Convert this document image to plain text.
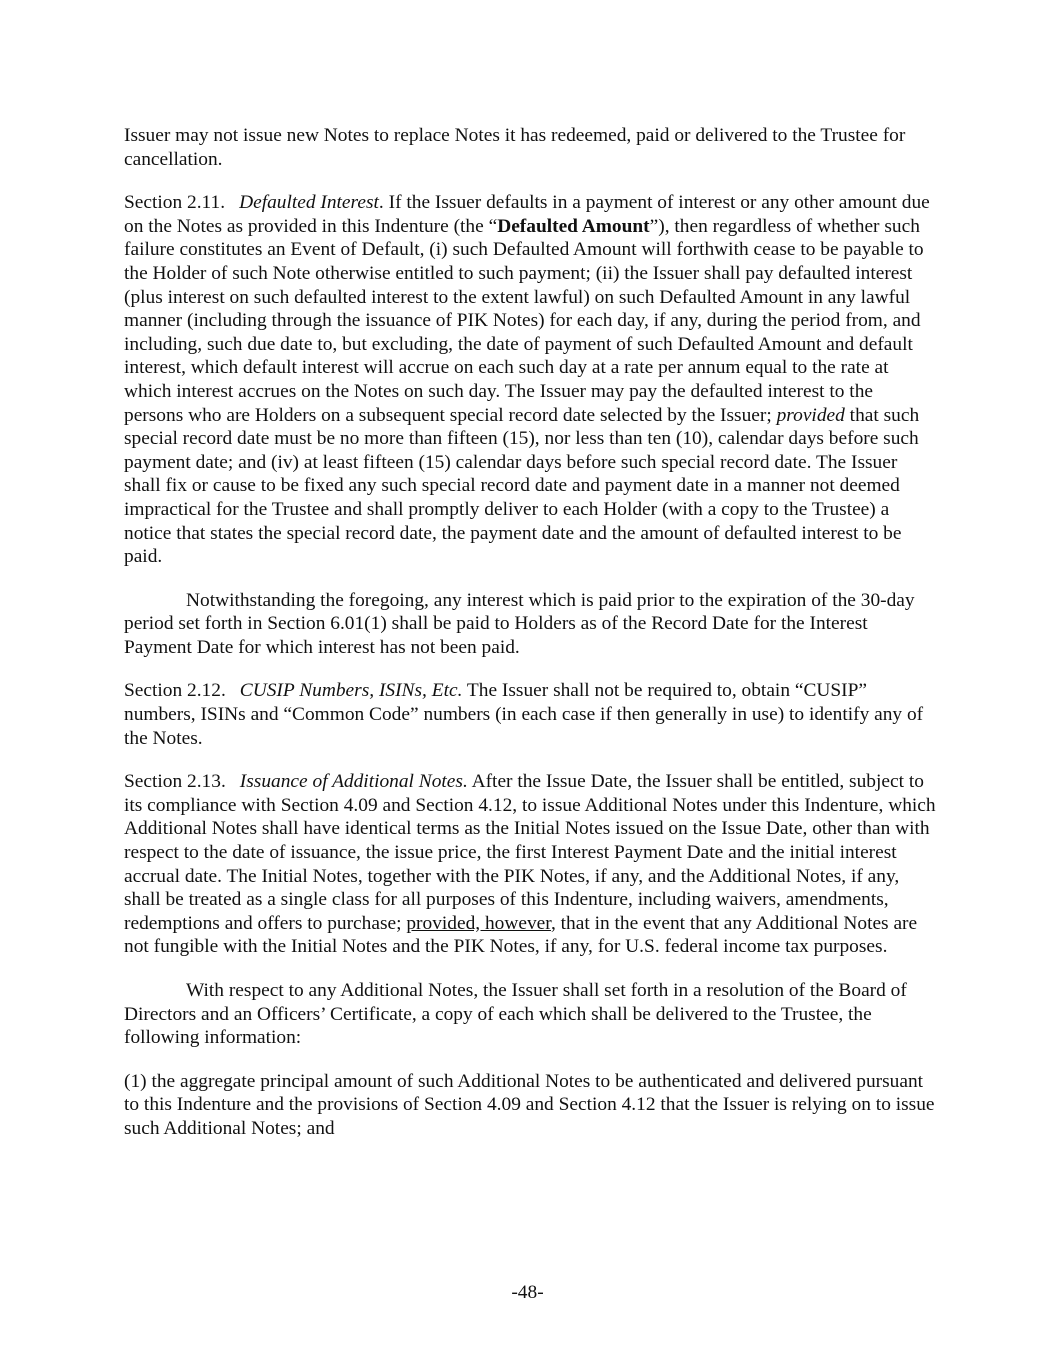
Issuer may not issue new Notes to replace Notes it has redeemed, paid or delivered to the Trustee for cancellation.

Section 2.11. Defaulted Interest. If the Issuer defaults in a payment of interest or any other amount due on the Notes as provided in this Indenture (the “Defaulted Amount”), then regardless of whether such failure constitutes an Event of Default, (i) such Defaulted Amount will forthwith cease to be payable to the Holder of such Note otherwise entitled to such payment; (ii) the Issuer shall pay defaulted interest (plus interest on such defaulted interest to the extent lawful) on such Defaulted Amount in any lawful manner (including through the issuance of PIK Notes) for each day, if any, during the period from, and including, such due date to, but excluding, the date of payment of such Defaulted Amount and default interest, which default interest will accrue on each such day at a rate per annum equal to the rate at which interest accrues on the Notes on such day. The Issuer may pay the defaulted interest to the persons who are Holders on a subsequent special record date selected by the Issuer; provided that such special record date must be no more than fifteen (15), nor less than ten (10), calendar days before such payment date; and (iv) at least fifteen (15) calendar days before such special record date. The Issuer shall fix or cause to be fixed any such special record date and payment date in a manner not deemed impractical for the Trustee and shall promptly deliver to each Holder (with a copy to the Trustee) a notice that states the special record date, the payment date and the amount of defaulted interest to be paid.

Notwithstanding the foregoing, any interest which is paid prior to the expiration of the 30-day period set forth in Section 6.01(1) shall be paid to Holders as of the Record Date for the Interest Payment Date for which interest has not been paid.

Section 2.12. CUSIP Numbers, ISINs, Etc. The Issuer shall not be required to, obtain “CUSIP” numbers, ISINs and “Common Code” numbers (in each case if then generally in use) to identify any of the Notes.

Section 2.13. Issuance of Additional Notes. After the Issue Date, the Issuer shall be entitled, subject to its compliance with Section 4.09 and Section 4.12, to issue Additional Notes under this Indenture, which Additional Notes shall have identical terms as the Initial Notes issued on the Issue Date, other than with respect to the date of issuance, the issue price, the first Interest Payment Date and the initial interest accrual date. The Initial Notes, together with the PIK Notes, if any, and the Additional Notes, if any, shall be treated as a single class for all purposes of this Indenture, including waivers, amendments, redemptions and offers to purchase; provided, however, that in the event that any Additional Notes are not fungible with the Initial Notes and the PIK Notes, if any, for U.S. federal income tax purposes.

With respect to any Additional Notes, the Issuer shall set forth in a resolution of the Board of Directors and an Officers’ Certificate, a copy of each which shall be delivered to the Trustee, the following information:

(1) the aggregate principal amount of such Additional Notes to be authenticated and delivered pursuant to this Indenture and the provisions of Section 4.09 and Section 4.12 that the Issuer is relying on to issue such Additional Notes; and

-48-
